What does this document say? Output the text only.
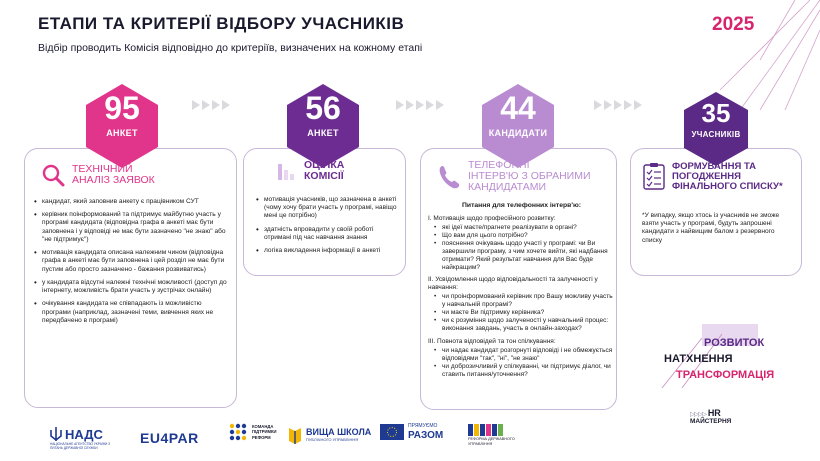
ЕТАПИ ТА КРИТЕРІЇ ВІДБОРУ УЧАСНИКІВ
Відбір проводить Комісія відповідно до критеріїв, визначених на кожному етапі
2025
95
АНКЕТ
56
АНКЕТ
44
КАНДИДАТИ
35
УЧАСНИКІВ
ТЕХНІЧНИЙ
АНАЛІЗ ЗАЯВОК
• кандидат, який заповнив анкету є працівником СУТ
• керівник поінформований та підтримує майбутню участь у програмі кандидата (відповідна графа в анкеті має бути заповнена і у відповіді не має бути зазначено "не знаю" або "не підтримує")
• мотивація кандидата описана належним чином (відповідна графа в анкеті має бути заповнена і цей розділ не має бути пустим або просто зазначено - бажання розвиватись)
• у кандидата відсутні належні технічні можливості (доступ до інтернету, можливість брати участь у зустрічах онлайн)
• очікування кандидата не співпадають із можливістю програми (наприклад, зазначені теми, вивчення яких не передбачено в програмі)
ОЦІНКА
КОМІСІЇ
• мотивація учасників, що зазначена в анкеті (чому хочу брати участь у програмі, навіщо мені це потрібно)
• здатність впровадити у своїй роботі отримані під час навчання знання
• логіка викладення інформації в анкеті
ТЕЛЕФОННІ
ІНТЕРВ'Ю З ОБРАНИМИ
КАНДИДАТАМИ
Питання для телефонних інтерв'ю:
I. Мотивація щодо професійного розвитку:
• які ідеї маєте/прагнете реалізувати в органі?
• Що вам для цього потрібно?
• пояснення очікувань щодо участі у програмі: чи Ви завершили програму, з чим хочете вийти, які надбання отримати? Який результат навчання для Вас буде найкращим?
II. Усвідомлення щодо відповідальності та залученості у навчання:
• чи проінформований керівник про Вашу можливу участь у навчальній програмі?
• чи маєте Ви підтримку керівника?
• чи є розуміння щодо залученості у навчальний процес: виконання завдань, участь в онлайн-заходах?
III. Повнота відповідей та тон спілкування:
• чи надає кандидат розгорнуті відповіді і не обмежується відповідями "так", "ні", "не знаю"
• чи доброзичливий у спілкуванні, чи підтримує діалог, чи ставить питання/уточнення?
ФОРМУВАННЯ ТА
ПОГОДЖЕННЯ
ФІНАЛЬНОГО СПИСКУ*
*У випадку, якщо хтось із учасників не зможе взяти участь у програмі, будуть запрошені кандидати з найвищим балом з резервного списку
РОЗВИТОК
НАТХНЕННЯ
ТРАНСФОРМАЦІЯ
▷▷▷▷ HR
МАЙСТЕРНЯ
НАДС
НАЦІОНАЛЬНЕ АГЕНТСТВО УКРАЇНИ З ПИТАНЬ ДЕРЖАВНОЇ СЛУЖБИ
EU4PAR
КОМАНДА
ПІДТРИМКИ
РЕФОРМ
ВИЩА ШКОЛА
ПУБЛІЧНОГО УПРАВЛІННЯ
ПРЯМУЄМО
РАЗОМ	РЕФОРМА ДЕРЖАВНОГО
УПРАВЛІННЯ
